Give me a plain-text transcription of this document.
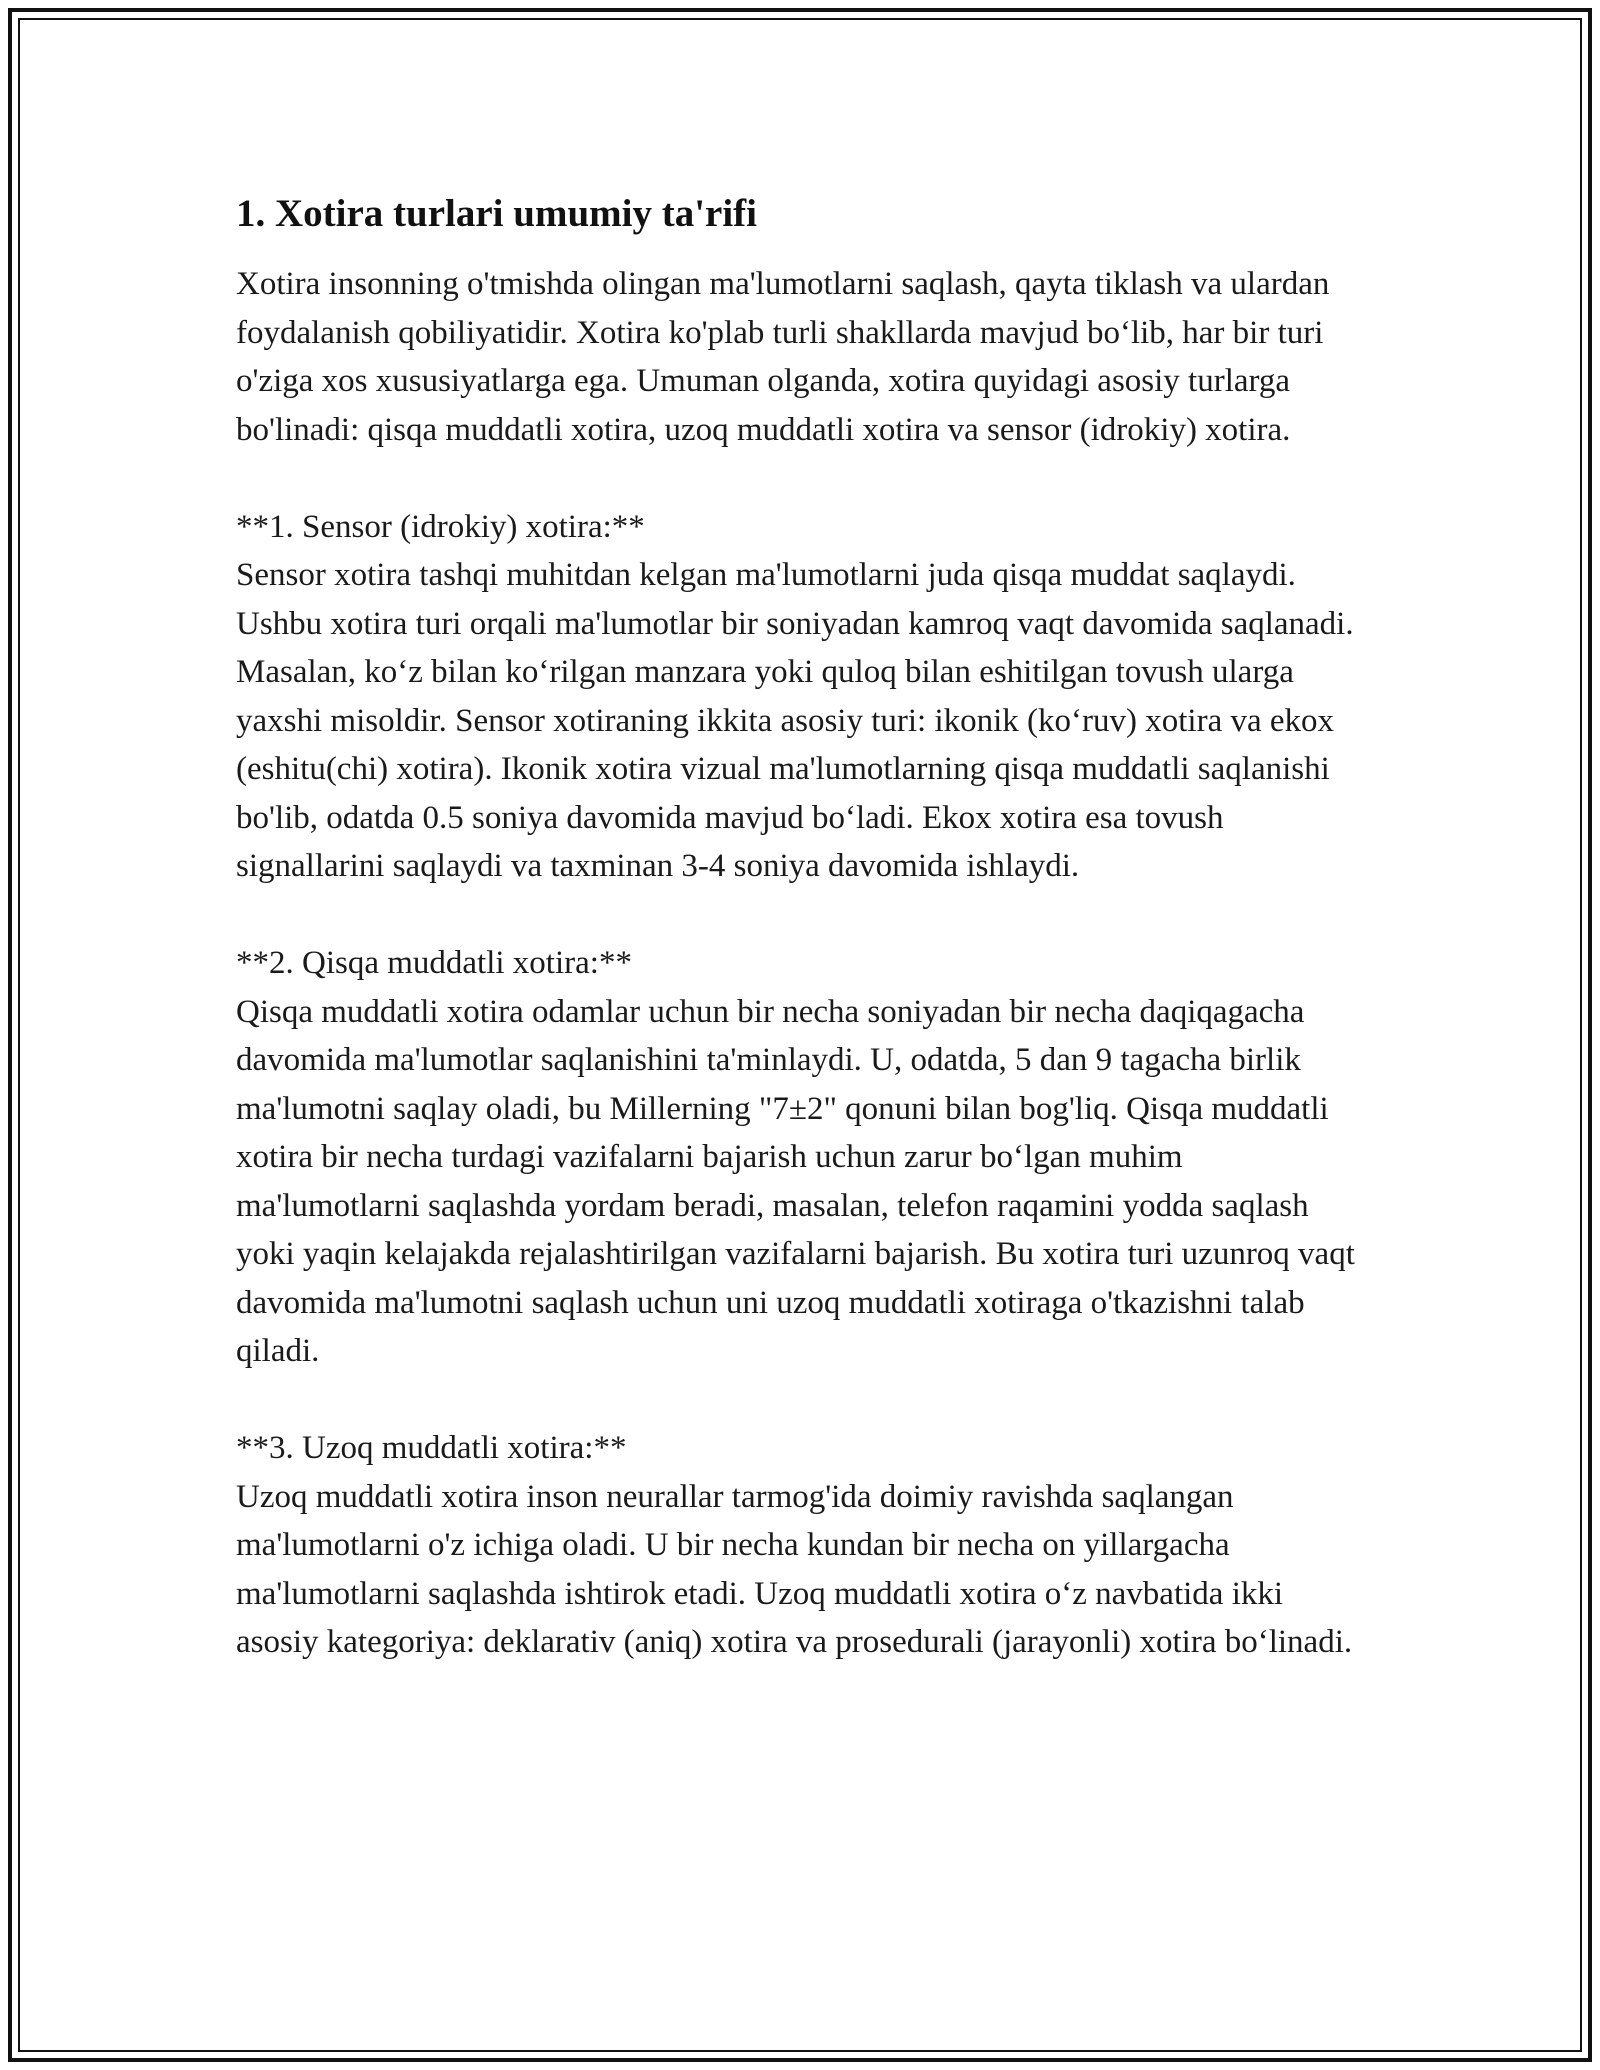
1. Xotira turlari umumiy ta'rifi

Xotira insonning o'tmishda olingan ma'lumotlarni saqlash, qayta tiklash va ulardan foydalanish qobiliyatidir. Xotira ko'plab turli shakllarda mavjud bo‘lib, har bir turi o'ziga xos xususiyatlarga ega. Umuman olganda, xotira quyidagi asosiy turlarga bo'linadi: qisqa muddatli xotira, uzoq muddatli xotira va sensor (idrokiy) xotira.

**1. Sensor (idrokiy) xotira:**

Sensor xotira tashqi muhitdan kelgan ma'lumotlarni juda qisqa muddat saqlaydi. Ushbu xotira turi orqali ma'lumotlar bir soniyadan kamroq vaqt davomida saqlanadi. Masalan, ko‘z bilan ko‘rilgan manzara yoki quloq bilan eshitilgan tovush ularga yaxshi misoldir. Sensor xotiraning ikkita asosiy turi: ikonik (ko‘ruv) xotira va ekox (eshitu(chi) xotira). Ikonik xotira vizual ma'lumotlarning qisqa muddatli saqlanishi bo'lib, odatda 0.5 soniya davomida mavjud bo‘ladi. Ekox xotira esa tovush signallarini saqlaydi va taxminan 3-4 soniya davomida ishlaydi.

**2. Qisqa muddatli xotira:**

Qisqa muddatli xotira odamlar uchun bir necha soniyadan bir necha daqiqagacha davomida ma'lumotlar saqlanishini ta'minlaydi. U, odatda, 5 dan 9 tagacha birlik ma'lumotni saqlay oladi, bu Millerning "7±2" qonuni bilan bog'liq. Qisqa muddatli xotira bir necha turdagi vazifalarni bajarish uchun zarur bo‘lgan muhim ma'lumotlarni saqlashda yordam beradi, masalan, telefon raqamini yodda saqlash yoki yaqin kelajakda rejalashtirilgan vazifalarni bajarish. Bu xotira turi uzunroq vaqt davomida ma'lumotni saqlash uchun uni uzoq muddatli xotiraga o'tkazishni talab qiladi.

**3. Uzoq muddatli xotira:**

Uzoq muddatli xotira inson neurallar tarmog'ida doimiy ravishda saqlangan ma'lumotlarni o'z ichiga oladi. U bir necha kundan bir necha on yillargacha ma'lumotlarni saqlashda ishtirok etadi. Uzoq muddatli xotira o‘z navbatida ikki asosiy kategoriya: deklarativ (aniq) xotira va prosedurali (jarayonli) xotira bo‘linadi.
